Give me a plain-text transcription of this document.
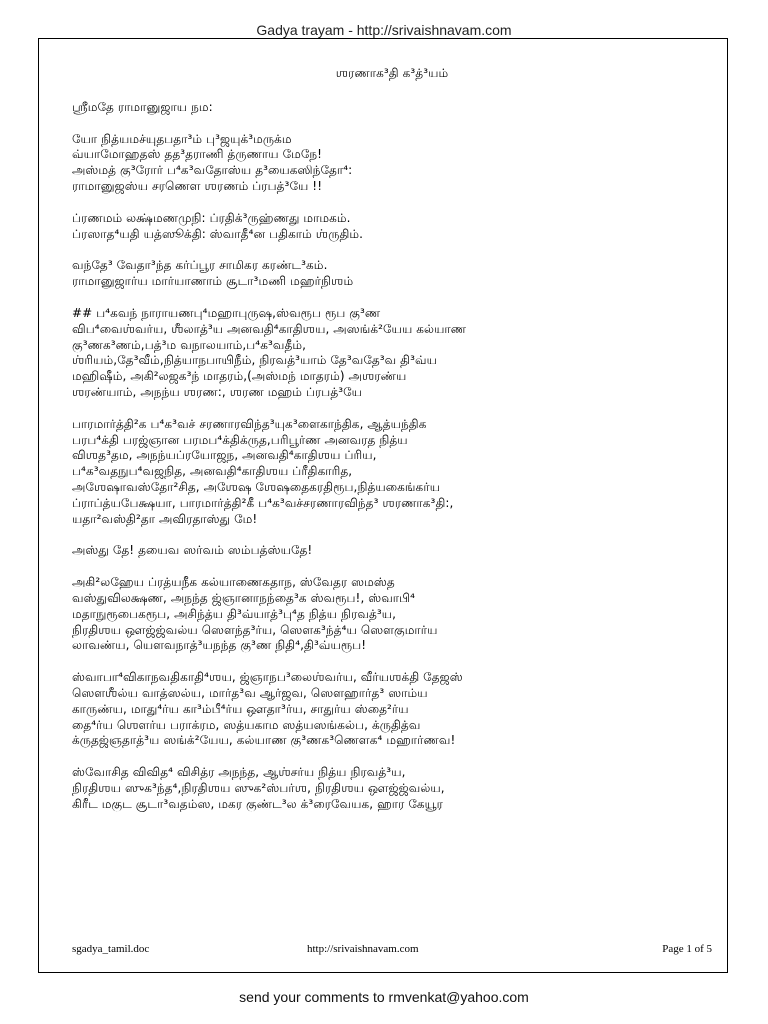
Gadya trayam - http://srivaishnavam.com
ஶரணாக³தி க³த்³யம்
ஶ்ரீமதே ராமானுஜாய நம:
யோ நித்யமச்யுதபதா³ம் பு³ஜயுக்³மருக்ம
வ்யாமோஹதஸ் தத³தராணி த்ருணாய மேநே!
அஸ்மத் கு³ரோர் ப⁴க³வதோஸ்ய த³யைகஸிந்தோ⁴:
ராமானுஜஸ்ய சரணௌ ஶரணம் ப்ரபத்³யே !!
ப்ரணமம் லக்ஷ்மணமுநி: ப்ரதிக்³ருஹ்ணது மாமகம்.
ப்ரஸாத⁴யதி யத்ஸூக்தி: ஸ்வாதீ⁴ன பதிகாம் ஶ்ருதிம்.
வந்தே³ வேதா³ந்த கர்ப்பூர சாமிகர கரண்ட³கம்.
ராமானுஜார்ய மார்யாணாம் சூடா³மணி மஹர்நிஶம்
## ப⁴கவந் நாராயணபு⁴மஹாபுருஷ,ஸ்வரூப ரூப கு³ண
விப⁴வைஶ்வர்ய, ஶீலாத்³ய அனவதி⁴காதிஶய, அஸங்க்²யேய கல்யாண
கு³ணக³ணம்,பத்³ம வநாலயாம்,ப⁴க³வதீம்,
ஶ்ரியம்,தே³வீம்,நித்யாநபாயிநீம், நிரவத்³யாம் தே³வதே³வ தி³வ்ய
மஹிஷீம், அகி²லஜக³ந் மாதரம்,(அஸ்மந் மாதரம்) அஶரண்ய
ஶரண்யாம், அநந்ய ஶரண:, ஶரண மஹம் ப்ரபத்³யே
பாரமார்த்தி²க ப⁴க³வச் சரணாரவிந்த³யுக³ளைகாந்திக, ஆத்யந்திக
பரப⁴க்தி பரஜ்ஞான பரமப⁴க்திக்ருத,பரிபூர்ண அனவரத நித்ய
விஶத³தம, அநந்யப்ரயோஜந, அனவதி⁴காதிஶய ப்ரிய,
ப⁴க³வதநுப⁴வஜநித, அனவதி⁴காதிஶய ப்ரீதிகாரித,
அஶேஷாவஸ்தோ²சித, அஶேஷ ஶேஷதைகரதிரூப,நித்யகைங்கர்ய
ப்ராப்த்யபேக்ஷயா, பாரமார்த்தி²கீ ப⁴க³வச்சரணாரவிந்த³ ஶரணாக³தி:,
யதா²வஸ்தி²தா அவிரதாஸ்து மே!
அஸ்து தே! தயைவ ஸர்வம் ஸம்பத்ஸ்யதே!
அகி²லஹேய ப்ரத்யநீக கல்யாணைகதாந, ஸ்வேதர ஸமஸ்த
வஸ்துவிலக்ஷண, அநந்த ஜ்ஞானாநந்தை³க ஸ்வரூப!, ஸ்வாபி⁴
மதாநுரூபைகரூப, அசிந்த்ய தி³வ்யாத்³பு⁴த நித்ய நிரவத்³ய,
நிரதிஶய ஔஜ்ஜ்வல்ய ஸௌந்த³ர்ய, ஸௌக³ந்த்⁴ய ஸௌகுமார்ய
லாவண்ய, யௌவநாத்³யநந்த கு³ண நிதி⁴,தி³வ்யரூப!
ஸ்வாபா⁴விகாநவதிகாதி⁴ஶய, ஜ்ஞாநப³லைஶ்வர்ய, வீர்யஶக்தி தேஜஸ்
ஸௌஶீல்ய வாத்ஸல்ய, மார்த³வ ஆர்ஜவ, ஸௌஹார்த³ ஸாம்ய
காருண்ய, மாது⁴ர்ய கா³ம்பீ⁴ர்ய ஔதா³ர்ய, சாதுர்ய ஸ்தை²ர்ய
தை⁴ர்ய ஶௌர்ய பராக்ரம, ஸத்யகாம ஸத்யஸங்கல்ப, க்ருதித்வ
க்ருதஜ்ஞதாத்³ய ஸங்க்²யேய, கல்யாண கு³ணக³ணௌக⁴ மஹார்ணவ!
ஸ்வோசித விவித⁴ விசித்ர அநந்த, ஆஶ்சர்ய நித்ய நிரவத்³ய,
நிரதிஶய ஸுக³ந்த⁴,நிரதிஶய ஸுக²ஸ்பர்ஶ, நிரதிஶய ஔஜ்ஜ்வல்ய,
கிரீட மகுட சூடா³வதம்ஸ, மகர குண்ட³ல க்³ரைவேயக, ஹார கேயூர
sgadya_tamil.doc	http://srivaishnavam.com	Page 1 of 5
send your comments to rmvenkat@yahoo.com
